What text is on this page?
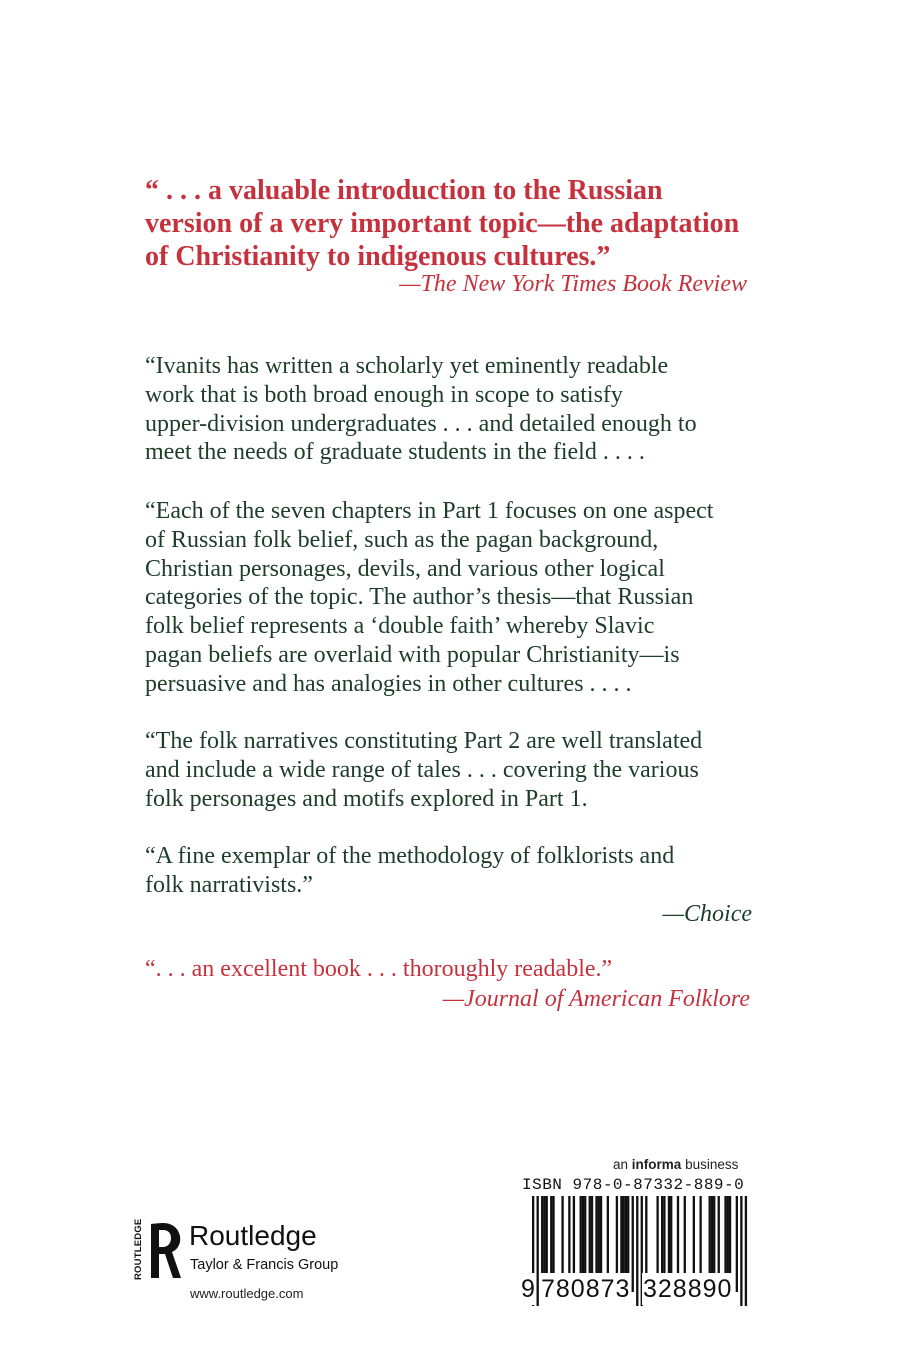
“ . . . a valuable introduction to the Russian
version of a very important topic—the adaptation
of Christianity to indigenous cultures.”
—The New York Times Book Review
“Ivanits has written a scholarly yet eminently readable
work that is both broad enough in scope to satisfy
upper-division undergraduates . . . and detailed enough to
meet the needs of graduate students in the field . . . .
“Each of the seven chapters in Part 1 focuses on one aspect
of Russian folk belief, such as the pagan background,
Christian personages, devils, and various other logical
categories of the topic. The author’s thesis—that Russian
folk belief represents a ‘double faith’ whereby Slavic
pagan beliefs are overlaid with popular Christianity—is
persuasive and has analogies in other cultures . . . .
“The folk narratives constituting Part 2 are well translated
and include a wide range of tales . . . covering the various
folk personages and motifs explored in Part 1.
“A fine exemplar of the methodology of folklorists and
folk narrativists.”
—Choice
“. . . an excellent book . . . thoroughly readable.”
—Journal of American Folklore
an informa business
ISBN 978-0-87332-889-0
9 780873 328890
ROUTLEDGE Routledge
Taylor & Francis Group
www.routledge.com
